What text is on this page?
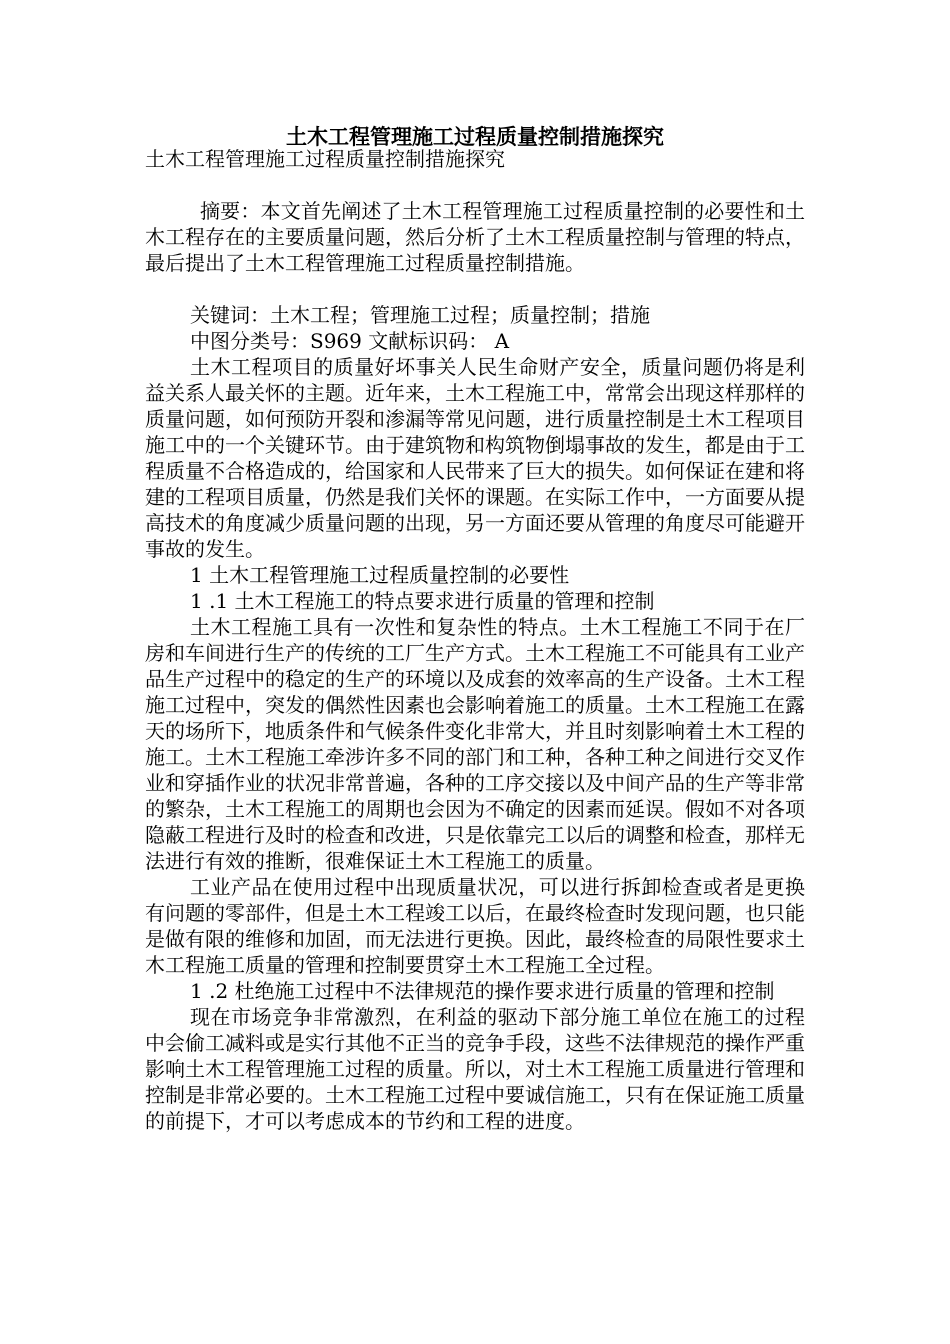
土木工程管理施工过程质量控制措施探究

土木工程管理施工过程质量控制措施探究

摘要：本文首先阐述了土木工程管理施工过程质量控制的必要性和土木工程存在的主要质量问题，然后分析了土木工程质量控制与管理的特点，最后提出了土木工程管理施工过程质量控制措施。

关键词：土木工程；管理施工过程；质量控制；措施

中图分类号：S969 文献标识码： A

土木工程项目的质量好坏事关人民生命财产安全，质量问题仍将是利益关系人最关怀的主题。近年来，土木工程施工中，常常会出现这样那样的质量问题，如何预防开裂和渗漏等常见问题，进行质量控制是土木工程项目施工中的一个关键环节。由于建筑物和构筑物倒塌事故的发生，都是由于工程质量不合格造成的，给国家和人民带来了巨大的损失。如何保证在建和将建的工程项目质量，仍然是我们关怀的课题。在实际工作中，一方面要从提高技术的角度减少质量问题的出现，另一方面还要从管理的角度尽可能避开事故的发生。

1 土木工程管理施工过程质量控制的必要性

1 .1 土木工程施工的特点要求进行质量的管理和控制

土木工程施工具有一次性和复杂性的特点。土木工程施工不同于在厂房和车间进行生产的传统的工厂生产方式。土木工程施工不可能具有工业产品生产过程中的稳定的生产的环境以及成套的效率高的生产设备。土木工程施工过程中，突发的偶然性因素也会影响着施工的质量。土木工程施工在露天的场所下，地质条件和气候条件变化非常大，并且时刻影响着土木工程的施工。土木工程施工牵涉许多不同的部门和工种，各种工种之间进行交叉作业和穿插作业的状况非常普遍，各种的工序交接以及中间产品的生产等非常的繁杂，土木工程施工的周期也会因为不确定的因素而延误。假如不对各项隐蔽工程进行及时的检查和改进，只是依靠完工以后的调整和检查，那样无法进行有效的推断，很难保证土木工程施工的质量。

工业产品在使用过程中出现质量状况，可以进行拆卸检查或者是更换有问题的零部件，但是土木工程竣工以后，在最终检查时发现问题，也只能是做有限的维修和加固，而无法进行更换。因此，最终检查的局限性要求土木工程施工质量的管理和控制要贯穿土木工程施工全过程。

1 .2 杜绝施工过程中不法律规范的操作要求进行质量的管理和控制

现在市场竞争非常激烈，在利益的驱动下部分施工单位在施工的过程中会偷工减料或是实行其他不正当的竞争手段，这些不法律规范的操作严重影响土木工程管理施工过程的质量。所以，对土木工程施工质量进行管理和控制是非常必要的。土木工程施工过程中要诚信施工，只有在保证施工质量的前提下，才可以考虑成本的节约和工程的进度。
